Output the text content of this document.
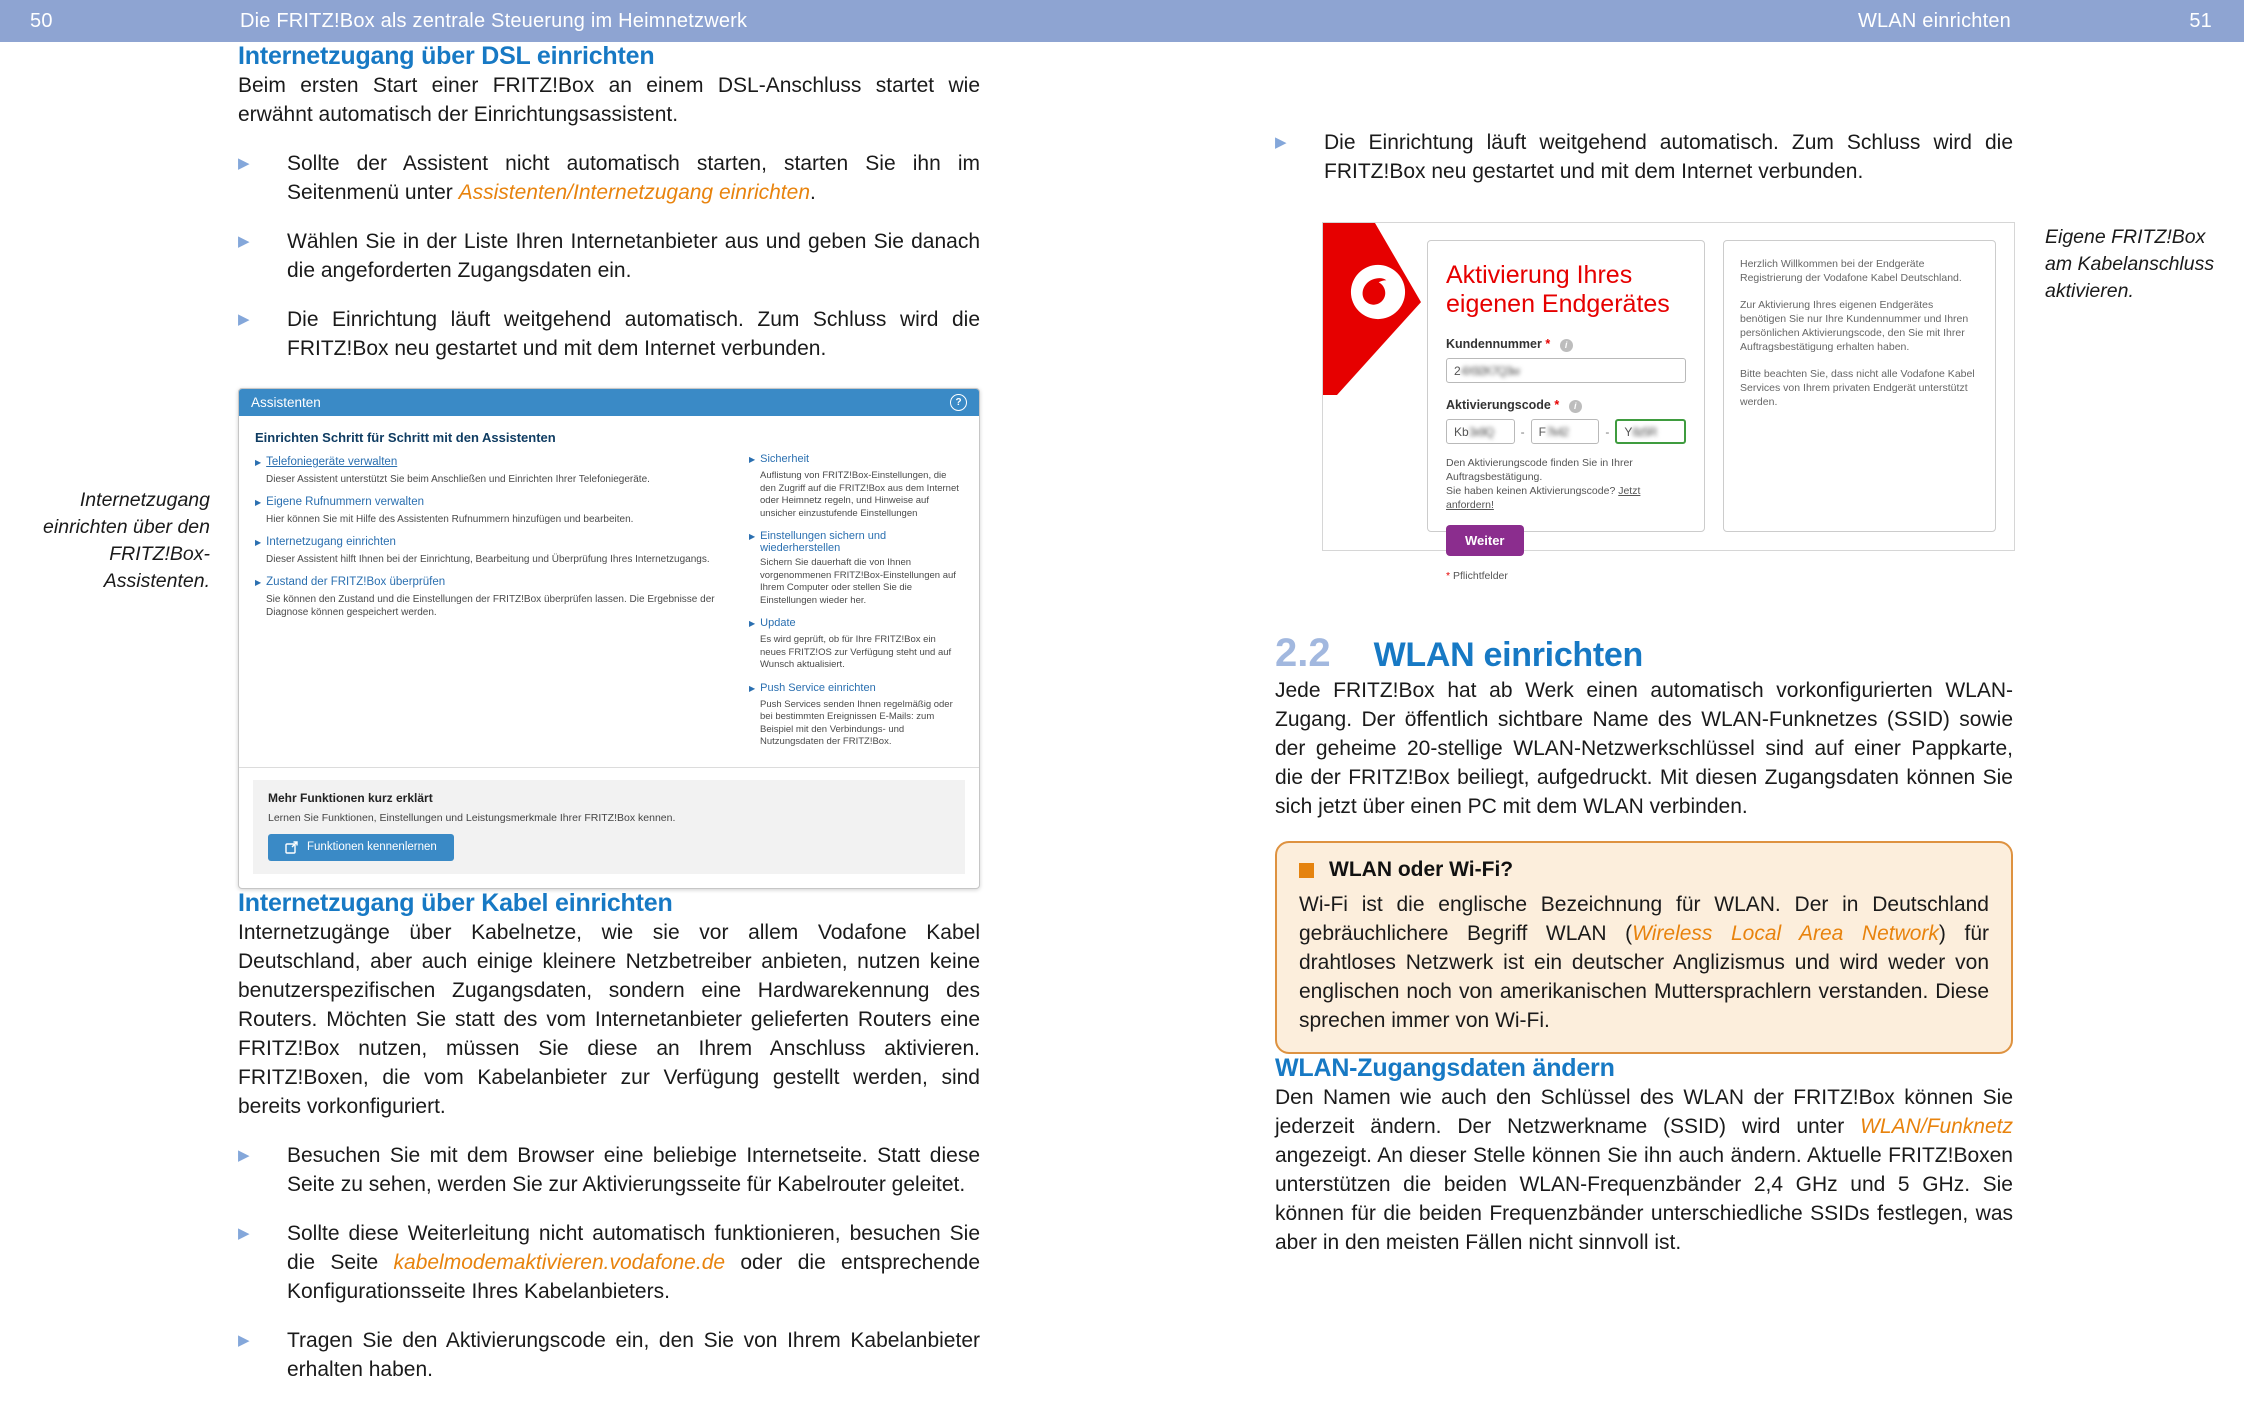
50	Die FRITZ!Box als zentrale Steuerung im Heimnetzwerk	WLAN einrichten	51
Internetzugang einrichten über den FRITZ!Box-Assistenten.
Internetzugang über DSL einrichten

Beim ersten Start einer FRITZ!Box an einem DSL-Anschluss startet wie erwähnt automatisch der Einrichtungsassistent.

▶
Sollte der Assistent nicht automatisch starten, starten Sie ihn im Seitenmenü unter Assistenten/Internetzugang einrichten.
▶
Wählen Sie in der Liste Ihren Internetanbieter aus und geben Sie danach die angeforderten Zugangsdaten ein.
▶
Die Einrichtung läuft weitgehend automatisch. Zum Schluss wird die FRITZ!Box neu gestartet und mit dem Internet verbunden.
Assistenten	?
Einrichten Schritt für Schritt mit den Assistenten
▶
Telefoniegeräte verwalten
Dieser Assistent unterstützt Sie beim Anschließen und Einrichten Ihrer Telefoniegeräte.
▶
Eigene Rufnummern verwalten
Hier können Sie mit Hilfe des Assistenten Rufnummern hinzufügen und bearbeiten.
▶
Internetzugang einrichten
Dieser Assistent hilft Ihnen bei der Einrichtung, Bearbeitung und Überprüfung Ihres Internetzugangs.
▶
Zustand der FRITZ!Box überprüfen
Sie können den Zustand und die Einstellungen der FRITZ!Box überprüfen lassen. Die Ergebnisse der Diagnose können gespeichert werden.
▶
Sicherheit
Auflistung von FRITZ!Box-Einstellungen, die den Zugriff auf die FRITZ!Box aus dem Internet oder Heimnetz regeln, und Hinweise auf unsicher einzustufende Einstellungen
▶
Einstellungen sichern und wiederherstellen
Sichern Sie dauerhaft die von Ihnen vorgenommenen FRITZ!Box-Einstellungen auf Ihrem Computer oder stellen Sie die Einstellungen wieder her.
▶
Update
Es wird geprüft, ob für Ihre FRITZ!Box ein neues FRITZ!OS zur Verfügung steht und auf Wunsch aktualisiert.
▶
Push Service einrichten
Push Services senden Ihnen regelmäßig oder bei bestimmten Ereignissen E-Mails: zum Beispiel mit den Verbindungs- und Nutzungsdaten der FRITZ!Box.
Mehr Funktionen kurz erklärt

Lernen Sie Funktionen, Einstellungen und Leistungsmerkmale Ihrer FRITZ!Box kennen.

Funktionen kennenlernen
Internetzugang über Kabel einrichten

Internetzugänge über Kabelnetze, wie sie vor allem Vodafone Kabel Deutschland, aber auch einige kleinere Netzbetreiber anbieten, nutzen keine benutzerspezifischen Zugangsdaten, sondern eine Hardwarekennung des Routers. Möchten Sie statt des vom Internetanbieter gelieferten Routers eine FRITZ!Box nutzen, müssen Sie diese an Ihrem Anschluss aktivieren. FRITZ!Boxen, die vom Kabelanbieter zur Verfügung gestellt werden, sind bereits vorkonfiguriert.

▶
Besuchen Sie mit dem Browser eine beliebige Internetseite. Statt diese Seite zu sehen, werden Sie zur Aktivierungsseite für Kabelrouter geleitet.
▶
Sollte diese Weiterleitung nicht automatisch funktionieren, besuchen Sie die Seite kabelmodemaktivieren.vodafone.de oder die entsprechende Konfigurationsseite Ihres Kabelanbieters.
▶
Tragen Sie den Aktivierungscode ein, den Sie von Ihrem Kabelanbieter erhalten haben.
▶
Die Einrichtung läuft weitgehend automatisch. Zum Schluss wird die FRITZ!Box neu gestartet und mit dem Internet verbunden.
Aktivierung Ihres eigenen Endgerätes
Kundennummer * i
2 4X92K7Q3w
Aktivierungscode * i
Kb 3x9Q - F 7k42	- Y 8z5R
Den Aktivierungscode finden Sie in Ihrer Auftragsbestätigung.
Sie haben keinen Aktivierungscode? Jetzt anfordern!
Weiter
* Pflichtfelder

Herzlich Willkommen bei der Endgeräte Registrierung der Vodafone Kabel Deutschland.

Zur Aktivierung Ihres eigenen Endgerätes benötigen Sie nur Ihre Kundennummer und Ihren persönlichen Aktivierungscode, den Sie mit Ihrer Auftragsbestätigung erhalten haben.

Bitte beachten Sie, dass nicht alle Vodafone Kabel Services von Ihrem privaten Endgerät unterstützt werden.

2.2 WLAN einrichten

Jede FRITZ!Box hat ab Werk einen automatisch vorkonfigurierten WLAN-Zugang. Der öffentlich sichtbare Name des WLAN-Funknetzes (SSID) sowie der geheime 20-stellige WLAN-Netzwerkschlüssel sind auf einer Pappkarte, die der FRITZ!Box beiliegt, aufgedruckt. Mit diesen Zugangsdaten können Sie sich jetzt über einen PC mit dem WLAN verbinden.

WLAN oder Wi-Fi?
Wi-Fi ist die englische Bezeichnung für WLAN. Der in Deutschland gebräuchlichere Begriff WLAN (Wireless Local Area Network) für drahtloses Netzwerk ist ein deutscher Anglizismus und wird weder von englischen noch von amerikanischen Muttersprachlern verstanden. Diese sprechen immer von Wi-Fi.
WLAN-Zugangsdaten ändern

Den Namen wie auch den Schlüssel des WLAN der FRITZ!Box können Sie jederzeit ändern. Der Netzwerkname (SSID) wird unter WLAN/Funknetz angezeigt. An dieser Stelle können Sie ihn auch ändern. Aktuelle FRITZ!Boxen unterstützen die beiden WLAN-Frequenzbänder 2,4 GHz und 5 GHz. Sie können für die beiden Frequenzbänder unterschiedliche SSIDs festlegen, was aber in den meisten Fällen nicht sinnvoll ist.

Eigene FRITZ!Box am Kabelanschluss aktivieren.
